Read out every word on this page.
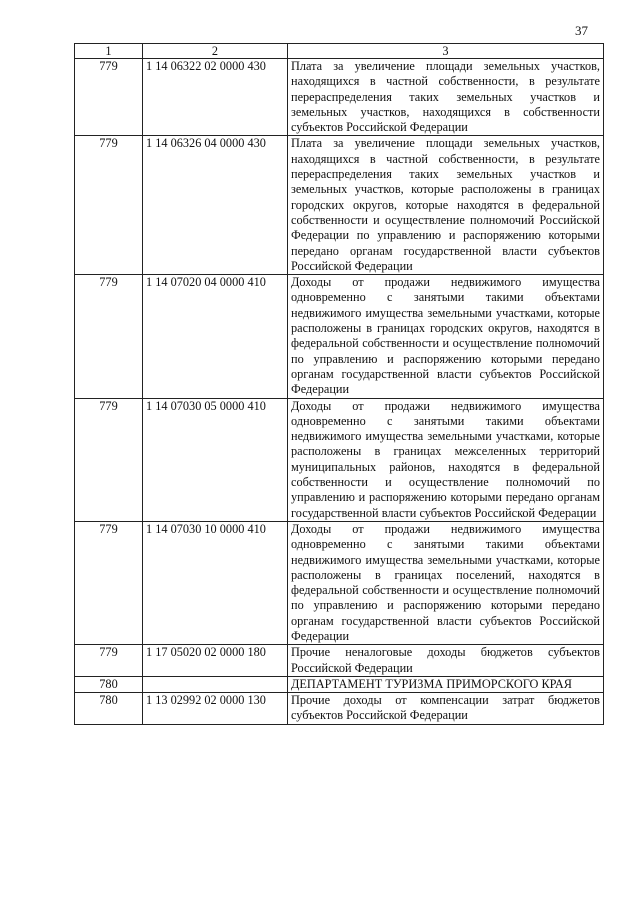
37
1	2	3
779	1 14 06322 02 0000 430	Плата за увеличение площади земельных участков, находящихся в частной собственности, в результате перераспределения таких земельных участков и земельных участков, находящихся в собственности субъектов Российской Федерации
779	1 14 06326 04 0000 430	Плата за увеличение площади земельных участков, находящихся в частной собственности, в результате перераспределения таких земельных участков и земельных участков, которые расположены в границах городских округов, которые находятся в федеральной собственности и осуществление полномочий Российской Федерации по управлению и распоряжению которыми передано органам государственной власти субъектов Российской Федерации
779	1 14 07020 04 0000 410	Доходы от продажи недвижимого имущества одновременно с занятыми такими объектами недвижимого имущества земельными участками, которые расположены в границах городских округов, находятся в федеральной собственности и осуществление полномочий по управлению и распоряжению которыми передано органам государственной власти субъектов Российской Федерации
779	1 14 07030 05 0000 410	Доходы от продажи недвижимого имущества одновременно с занятыми такими объектами недвижимого имущества земельными участками, которые расположены в границах межселенных территорий муниципальных районов, находятся в федеральной собственности и осуществление полномочий по управлению и распоряжению которыми передано органам государственной власти субъектов Российской Федерации
779	1 14 07030 10 0000 410	Доходы от продажи недвижимого имущества одновременно с занятыми такими объектами недвижимого имущества земельными участками, которые расположены в границах поселений, находятся в федеральной собственности и осуществление полномочий по управлению и распоряжению которыми передано органам государственной власти субъектов Российской Федерации
779	1 17 05020 02 0000 180	Прочие неналоговые доходы бюджетов субъектов Российской Федерации
780		ДЕПАРТАМЕНТ ТУРИЗМА ПРИМОРСКОГО КРАЯ
780	1 13 02992 02 0000 130	Прочие доходы от компенсации затрат бюджетов субъектов Российской Федерации
